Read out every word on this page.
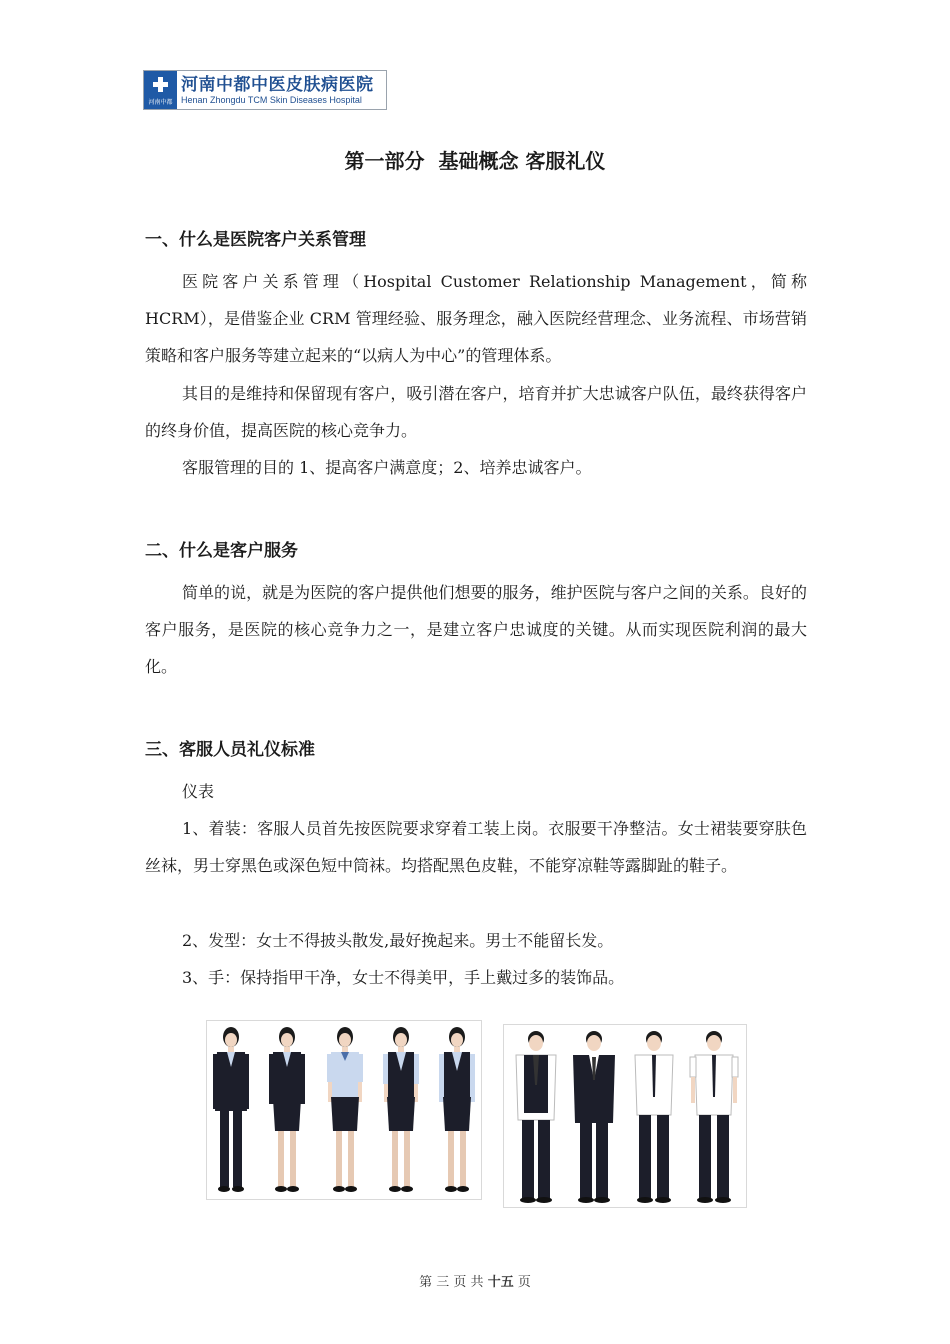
河南中都
河南中都中医皮肤病医院
Henan Zhongdu TCM Skin Diseases Hospital
第一部分  基础概念 客服礼仪
一、什么是医院客户关系管理
医院客户关系管理（Hospital Customer Relationship Management，简称HCRM），是借鉴企业 CRM 管理经验、服务理念，融入医院经营理念、业务流程、市场营销策略和客户服务等建立起来的“以病人为中心”的管理体系。
其目的是维持和保留现有客户，吸引潜在客户，培育并扩大忠诚客户队伍，最终获得客户的终身价值，提高医院的核心竞争力。
客服管理的目的 1、提高客户满意度；2、培养忠诚客户。
二、什么是客户服务
简单的说，就是为医院的客户提供他们想要的服务，维护医院与客户之间的关系。良好的客户服务，是医院的核心竞争力之一，是建立客户忠诚度的关键。从而实现医院利润的最大化。
三、客服人员礼仪标准
仪表
1、着装：客服人员首先按医院要求穿着工装上岗。衣服要干净整洁。女士裙装要穿肤色丝袜，男士穿黑色或深色短中筒袜。均搭配黑色皮鞋，不能穿凉鞋等露脚趾的鞋子。
2、发型：女士不得披头散发,最好挽起来。男士不能留长发。
3、手：保持指甲干净，女士不得美甲，手上戴过多的装饰品。
第 三 页 共 十五 页
